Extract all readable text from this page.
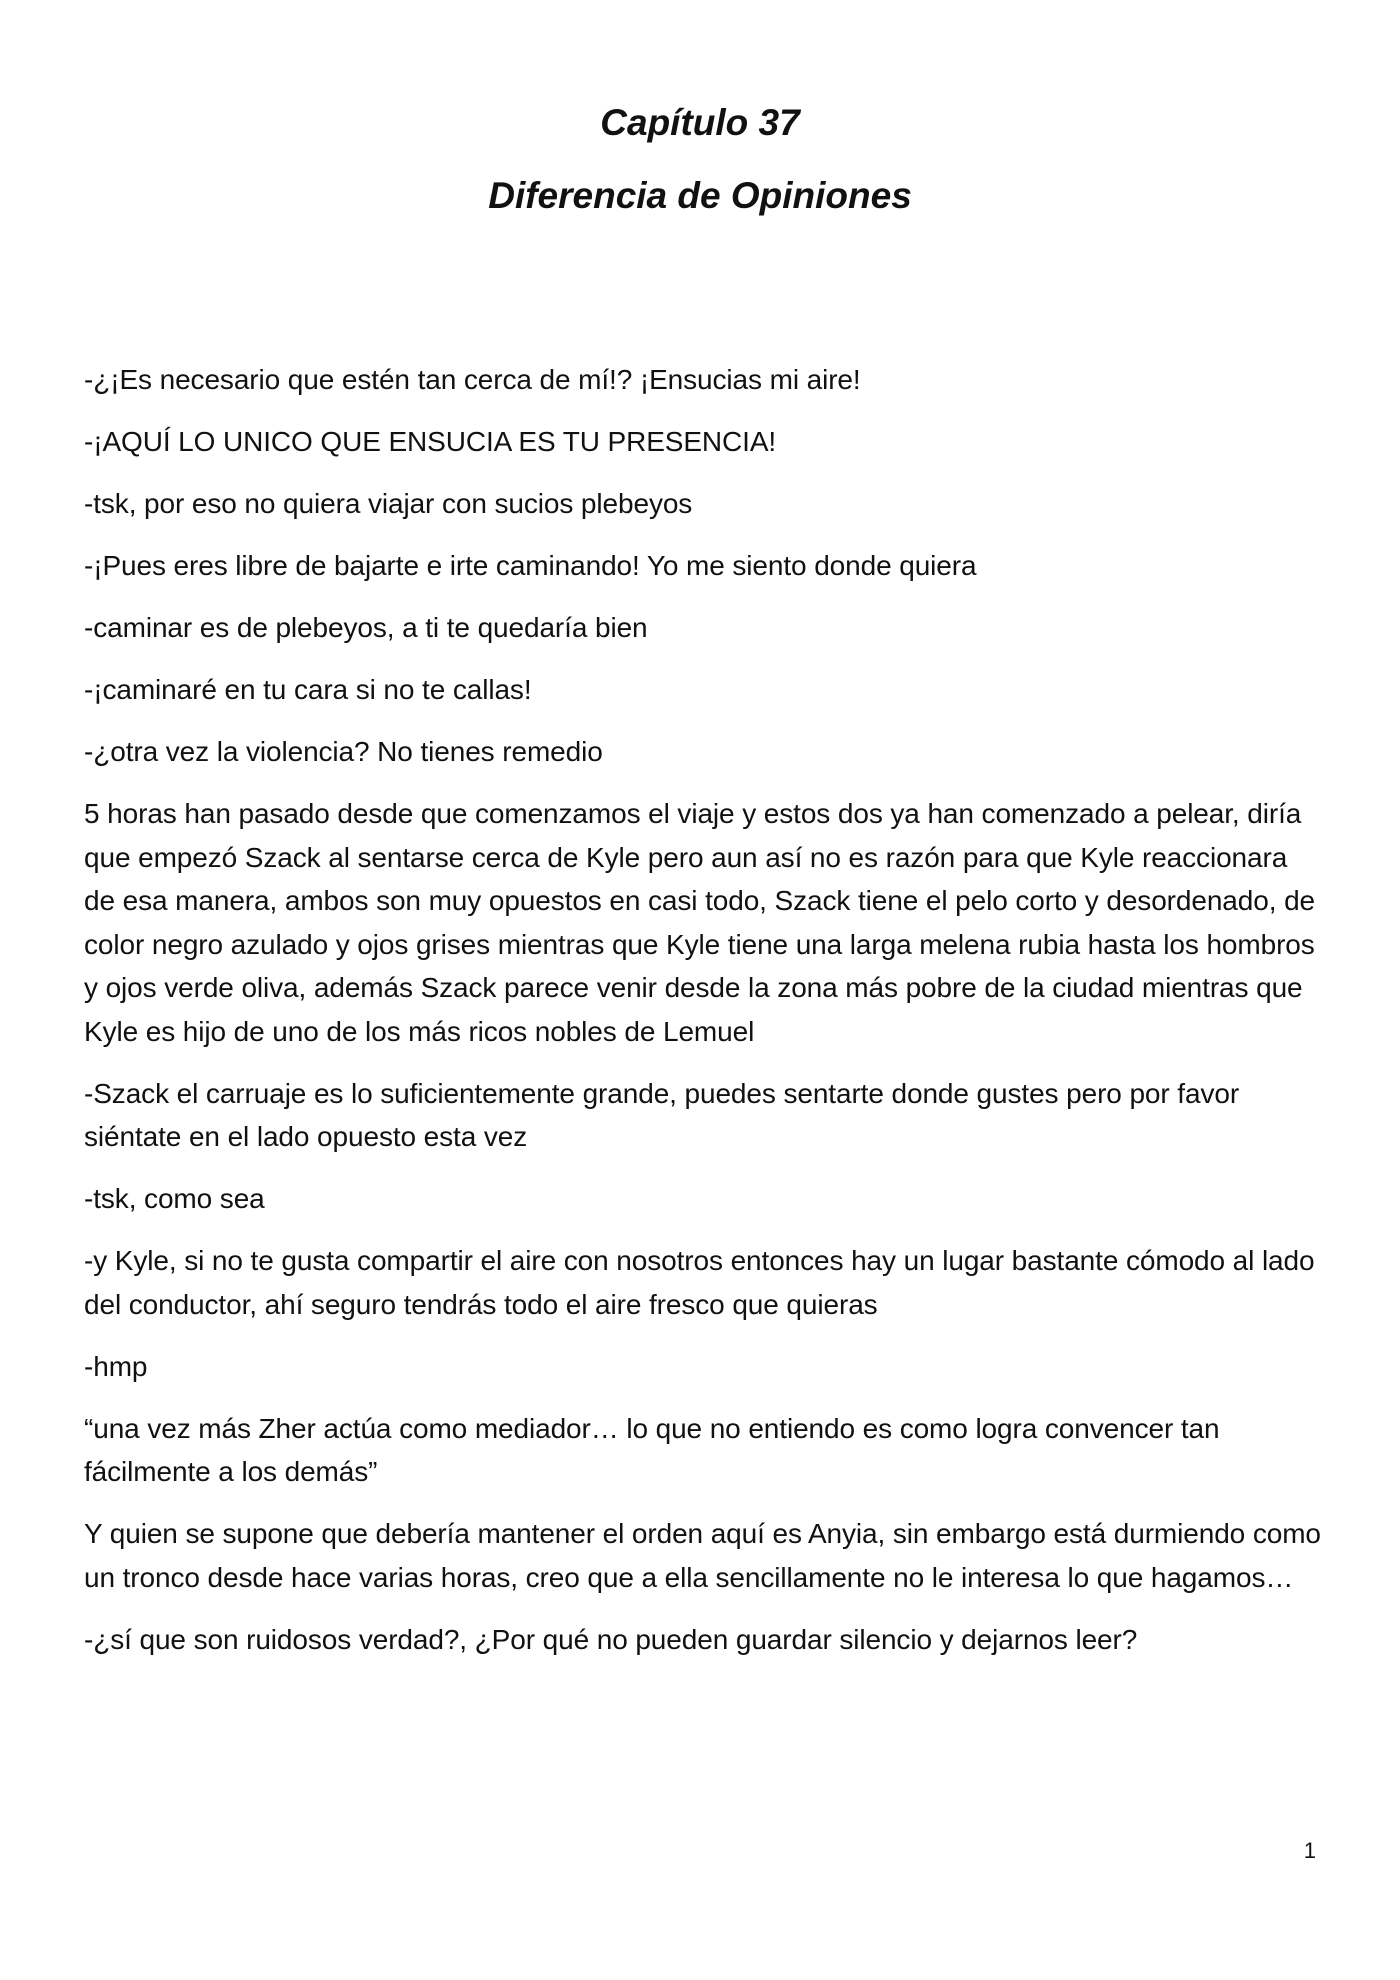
Capítulo 37

Diferencia de Opiniones

-¿¡Es necesario que estén tan cerca de mí!? ¡Ensucias mi aire!

-¡AQUÍ LO UNICO QUE ENSUCIA ES TU PRESENCIA!

-tsk, por eso no quiera viajar con sucios plebeyos

-¡Pues eres libre de bajarte e irte caminando! Yo me siento donde quiera

-caminar es de plebeyos, a ti te quedaría bien

-¡caminaré en tu cara si no te callas!

-¿otra vez la violencia? No tienes remedio

5 horas han pasado desde que comenzamos el viaje y estos dos ya han comenzado a pelear, diría que empezó Szack al sentarse cerca de Kyle pero aun así no es razón para que Kyle reaccionara de esa manera, ambos son muy opuestos en casi todo, Szack tiene el pelo corto y desordenado, de color negro azulado y ojos grises mientras que Kyle tiene una larga melena rubia hasta los hombros y ojos verde oliva, además Szack parece venir desde la zona más pobre de la ciudad mientras que Kyle es hijo de uno de los más ricos nobles de Lemuel

-Szack el carruaje es lo suficientemente grande, puedes sentarte donde gustes pero por favor siéntate en el lado opuesto esta vez

-tsk, como sea

-y Kyle, si no te gusta compartir el aire con nosotros entonces hay un lugar bastante cómodo al lado del conductor, ahí seguro tendrás todo el aire fresco que quieras

-hmp

“una vez más Zher actúa como mediador… lo que no entiendo es como logra convencer tan fácilmente a los demás”

Y quien se supone que debería mantener el orden aquí es Anyia, sin embargo está durmiendo como un tronco desde hace varias horas, creo que a ella sencillamente no le interesa lo que hagamos…

-¿sí que son ruidosos verdad?, ¿Por qué no pueden guardar silencio y dejarnos leer?

1
